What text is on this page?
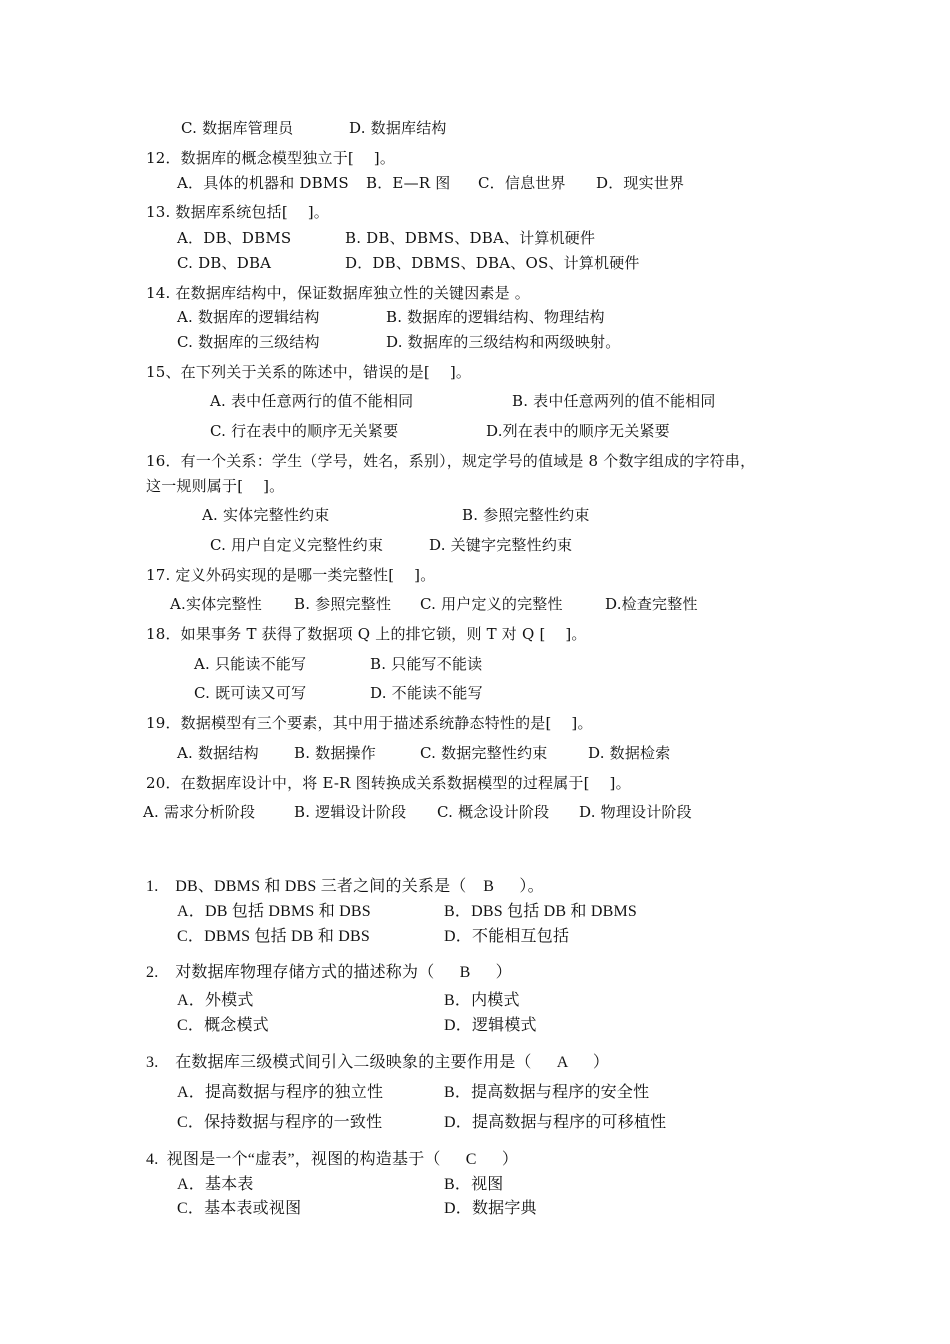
C. 数据库管理员	D. 数据库结构
12．数据库的概念模型独立于[    ]。
A．具体的机器和 DBMS B．E—R 图 C．信息世界 D．现实世界
13. 数据库系统包括[    ]。
A．DB、DBMS	B. DB、DBMS、DBA、计算机硬件
C. DB、DBA	D．DB、DBMS、DBA、OS、计算机硬件
14. 在数据库结构中，保证数据库独立性的关键因素是 。
A. 数据库的逻辑结构	B. 数据库的逻辑结构、物理结构
C. 数据库的三级结构	D. 数据库的三级结构和两级映射。
15、在下列关于关系的陈述中，错误的是[    ]。
A. 表中任意两行的值不能相同	B. 表中任意两列的值不能相同
C. 行在表中的顺序无关紧要	D.列在表中的顺序无关紧要
16．有一个关系：学生（学号，姓名，系别），规定学号的值域是 8 个数字组成的字符串，
这一规则属于[    ]。
A. 实体完整性约束	B. 参照完整性约束
C. 用户自定义完整性约束	D. 关键字完整性约束
17. 定义外码实现的是哪一类完整性[    ]。
A.实体完整性 B. 参照完整性 C. 用户定义的完整性	D.检查完整性
18．如果事务 T 获得了数据项 Q 上的排它锁，则 T 对 Q [    ]。
A. 只能读不能写	B. 只能写不能读
C. 既可读又可写	D. 不能读不能写
19．数据模型有三个要素，其中用于描述系统静态特性的是[    ]。
A. 数据结构 B. 数据操作	C. 数据完整性约束	D. 数据检索
20．在数据库设计中，将 E-R 图转换成关系数据模型的过程属于[    ]。
A. 需求分析阶段	B. 逻辑设计阶段 C. 概念设计阶段 D. 物理设计阶段
1.    DB、DBMS 和 DBS 三者之间的关系是（    B      ）。
A．DB 包括 DBMS 和 DBS	B．DBS 包括 DB 和 DBMS
C．DBMS 包括 DB 和 DBS	D．不能相互包括
2.    对数据库物理存储方式的描述称为（      B      ）
A．外模式	B．内模式
C．概念模式	D．逻辑模式
3.    在数据库三级模式间引入二级映象的主要作用是（      A      ）
A．提高数据与程序的独立性	B．提高数据与程序的安全性
C．保持数据与程序的一致性	D．提高数据与程序的可移植性
4.  视图是一个“虚表”，视图的构造基于（      C      ）
A．基本表	B．视图
C．基本表或视图	D．数据字典
